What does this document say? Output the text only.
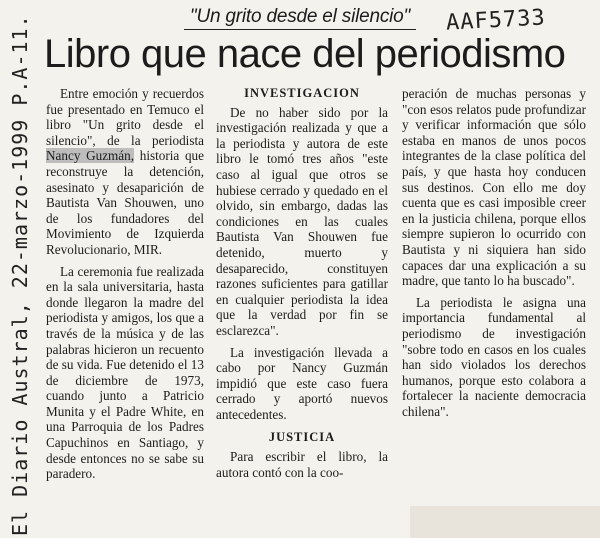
"Un grito desde el silencio"	AAF5733
Libro que nace del periodismo
El Diario Austral, 22-marzo-1999 P.A-11.	Entre emoción y recuerdos fue presentado en Temuco el libro "Un grito desde el silencio", de la periodista Nancy Guzmán, historia que reconstruye la detención, asesinato y desaparición de Bautista Van Shouwen, uno de los fundadores del Movimiento de Izquierda Revolucionario, MIR.

La ceremonia fue realizada en la sala universitaria, hasta donde llegaron la madre del periodista y amigos, los que a través de la música y de las palabras hicieron un recuento de su vida. Fue detenido el 13 de diciembre de 1973, cuando junto a Patricio Munita y el Padre White, en una Parroquia de los Padres Capuchinos en Santiago, y desde entonces no se sabe su paradero.

INVESTIGACION

De no haber sido por la investigación realizada y que a la periodista y autora de este libro le tomó tres años "este caso al igual que otros se hubiese cerrado y quedado en el olvido, sin embargo, dadas las condiciones en las cuales Bautista Van Shouwen fue detenido, muerto y desaparecido, constituyen razones suficientes para gatillar en cualquier periodista la idea que la verdad por fin se esclarezca".

La investigación llevada a cabo por Nancy Guzmán impidió que este caso fuera cerrado y aportó nuevos antecedentes.

JUSTICIA

Para escribir el libro, la autora contó con la coo-

peración de muchas personas y "con esos relatos pude profundizar y verificar información que sólo estaba en manos de unos pocos integrantes de la clase política del país, y que hasta hoy conducen sus destinos. Con ello me doy cuenta que es casi imposible creer en la justicia chilena, porque ellos siempre supieron lo ocurrido con Bautista y ni siquiera han sido capaces dar una explicación a su madre, que tanto lo ha buscado".

La periodista le asigna una importancia fundamental al periodismo de investigación "sobre todo en casos en los cuales han sido violados los derechos humanos, porque esto colabora a fortalecer la naciente democracia chilena".
